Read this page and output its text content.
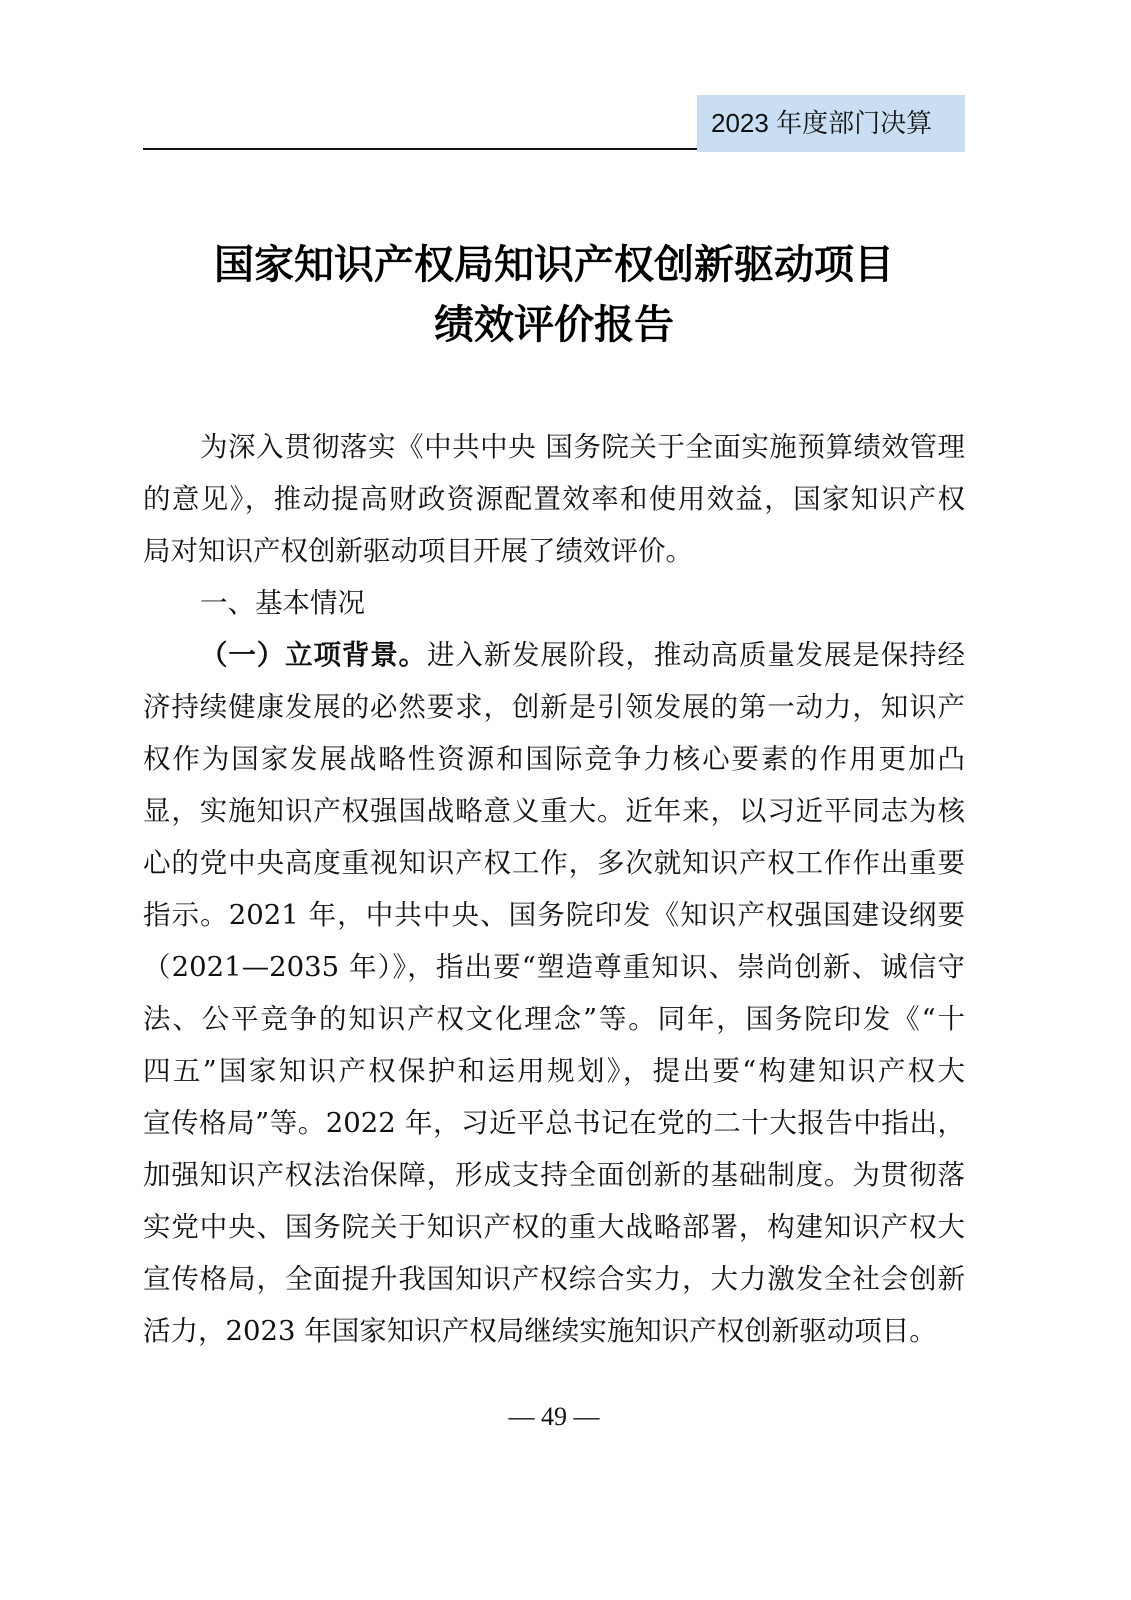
2023 年度部门决算
国家知识产权局知识产权创新驱动项目
绩效评价报告
为深入贯彻落实《中共中央 国务院关于全面实施预算绩效管理
的意见》，推动提高财政资源配置效率和使用效益，国家知识产权
局对知识产权创新驱动项目开展了绩效评价。
一、基本情况
（一）立项背景。进入新发展阶段，推动高质量发展是保持经
济持续健康发展的必然要求，创新是引领发展的第一动力，知识产
权作为国家发展战略性资源和国际竞争力核心要素的作用更加凸
显，实施知识产权强国战略意义重大。近年来，以习近平同志为核
心的党中央高度重视知识产权工作，多次就知识产权工作作出重要
指示。2021 年，中共中央、国务院印发《知识产权强国建设纲要
（2021—2035 年）》，指出要“塑造尊重知识、崇尚创新、诚信守
法、公平竞争的知识产权文化理念”等。同年，国务院印发《“十
四五”国家知识产权保护和运用规划》，提出要“构建知识产权大
宣传格局”等。2022 年，习近平总书记在党的二十大报告中指出，
加强知识产权法治保障，形成支持全面创新的基础制度。为贯彻落
实党中央、国务院关于知识产权的重大战略部署，构建知识产权大
宣传格局，全面提升我国知识产权综合实力，大力激发全社会创新
活力，2023 年国家知识产权局继续实施知识产权创新驱动项目。
— 49 —
